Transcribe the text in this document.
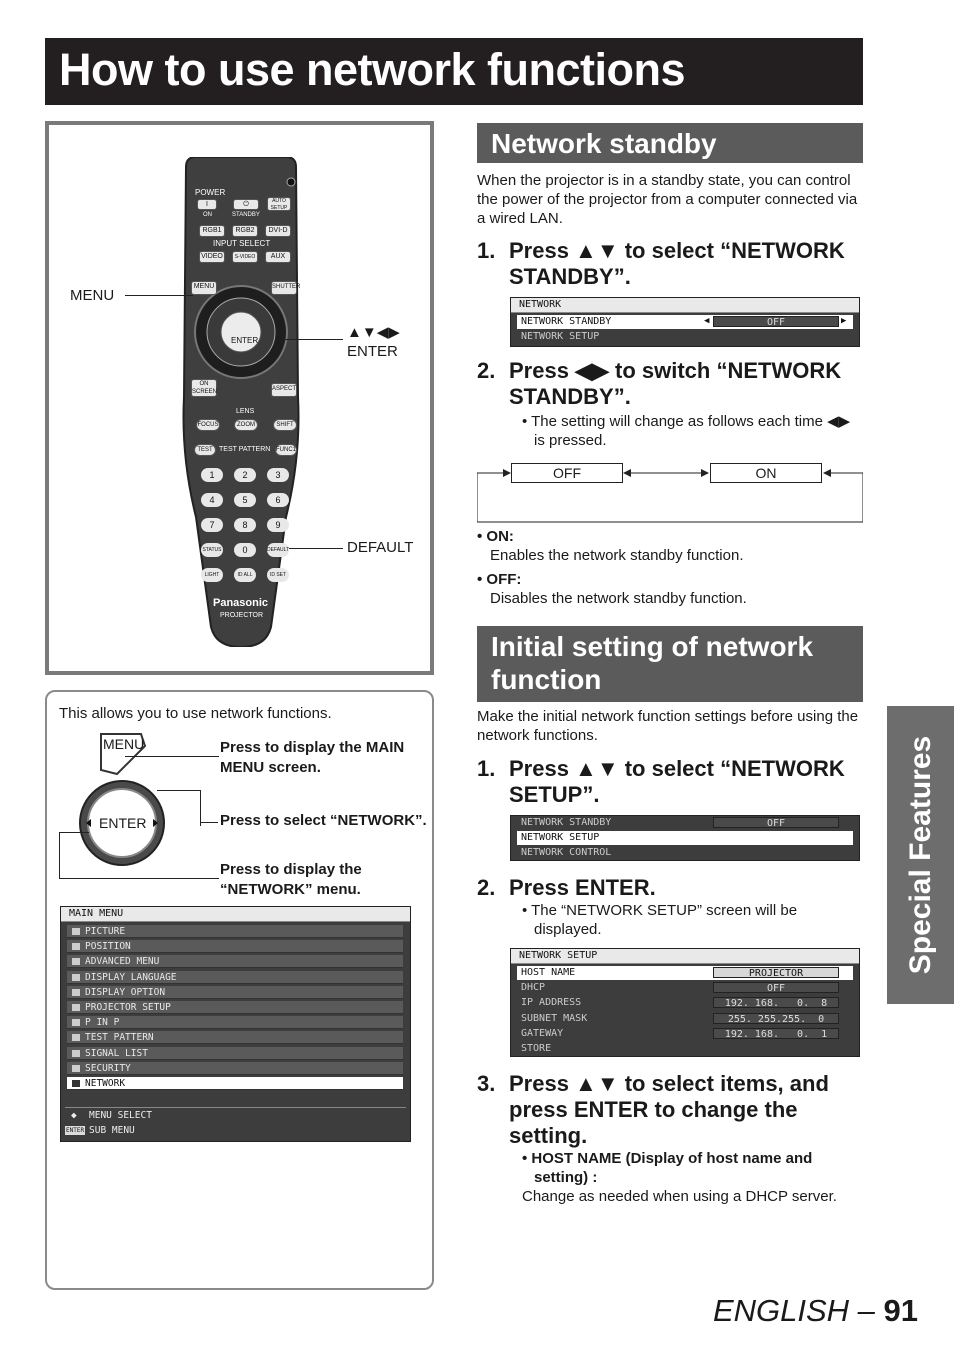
How to use network functions
POWER
I	⏻	AUTO SETUP
ON	STANDBY
RGB1	RGB2	DVI-D
INPUT SELECT
VIDEO	S-VIDEO	AUX
MENU	SHUTTER
ENTER
ON SCREEN	ASPECT
LENS
FOCUS	ZOOM	SHIFT
TEST TEST PATTERN FUNC1
1	2	3
4	5	6
7	8	9
STATUS	0	DEFAULT
LIGHT	ID ALL	ID SET
Panasonic
PROJECTOR
MENU
▲▼◀▶
ENTER
DEFAULT
This allows you to use network functions.
MENU
ENTER
Press to display the MAIN MENU screen.
Press to select “NETWORK”.
Press to display the “NETWORK” menu.
MAIN MENU
PICTURE
POSITION
ADVANCED MENU
DISPLAY LANGUAGE
DISPLAY OPTION
PROJECTOR SETUP
P IN P
TEST PATTERN
SIGNAL LIST
SECURITY
NETWORK
◆ MENU SELECT
ENTER SUB MENU
Network standby
When the projector is in a standby state, you can control the power of the projector from a computer connected via a wired LAN.
1. Press ▲▼ to select “NETWORK STANDBY”.
NETWORK
NETWORK STANDBY	◀	OFF	▶
NETWORK SETUP
2. Press ◀▶ to switch “NETWORK STANDBY”.
• The setting will change as follows each time ◀▶ is pressed.
OFF	ON
• ON:
Enables the network standby function.
• OFF:
Disables the network standby function.
Initial setting of network function
Make the initial network function settings before using the network functions.
1. Press ▲▼ to select “NETWORK SETUP”.
NETWORK STANDBY	OFF
NETWORK SETUP
NETWORK CONTROL
2. Press ENTER.
• The “NETWORK SETUP” screen will be displayed.
NETWORK SETUP
HOST NAME	PROJECTOR
DHCP	OFF
IP ADDRESS	192. 168.   0.  8
SUBNET MASK	255. 255.255.  0
GATEWAY	192. 168.   0.  1
STORE
3. Press ▲▼ to select items, and press ENTER to change the setting.
• HOST NAME (Display of host name and setting) :
Change as needed when using a DHCP server.
Special Features
ENGLISH – 91
